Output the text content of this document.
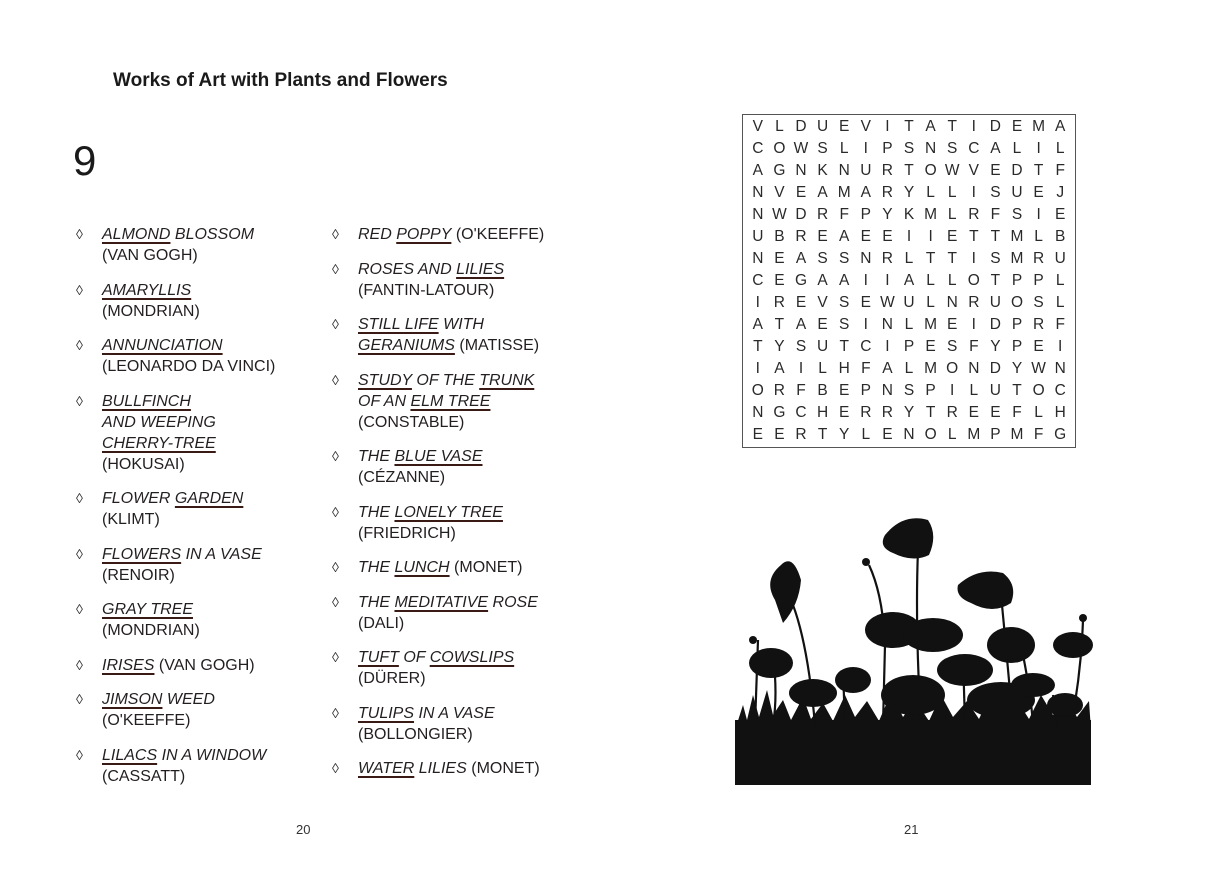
Works of Art with Plants and Flowers
9
◊ ALMOND BLOSSOM
(VAN GOGH)
◊ AMARYLLIS
(MONDRIAN)
◊ ANNUNCIATION
(LEONARDO DA VINCI)
◊ BULLFINCH
AND WEEPING
CHERRY-TREE
(HOKUSAI)
◊ FLOWER GARDEN
(KLIMT)
◊ FLOWERS IN A VASE
(RENOIR)
◊ GRAY TREE
(MONDRIAN)
◊ IRISES (VAN GOGH)
◊ JIMSON WEED
(O'KEEFFE)
◊ LILACS IN A WINDOW
(CASSATT)
◊ RED POPPY (O'KEEFFE)
◊ ROSES AND LILIES
(FANTIN-LATOUR)
◊ STILL LIFE WITH
GERANIUMS (MATISSE)
◊ STUDY OF THE TRUNK
OF AN ELM TREE
(CONSTABLE)
◊ THE BLUE VASE
(CÉZANNE)
◊ THE LONELY TREE
(FRIEDRICH)
◊ THE LUNCH (MONET)
◊ THE MEDITATIVE ROSE
(DALI)
◊ TUFT OF COWSLIPS
(DÜRER)
◊ TULIPS IN A VASE
(BOLLONGIER)
◊ WATER LILIES (MONET)
20	21
V L D U E V I T A T I D E M A
C O W S L I P S N S C A L I L
A G N K N U R T O W V E D T F
N V E A M A R Y L L I S U E J
N W D R F P Y K M L R F S I E
U B R E A E E I	I E T T M L B
N E A S S N R L T T I S M R U
C E G A A I	I A L L O T P P L
I R E V S E W U L N R U O S L
A T A E S I N L M E I D P R F
T Y S U T C I P E S F Y P E I
I A I L H F A L M O N D Y W N
O R F B E P N S P I L U T O C
N G C H E R R Y T R E E F L H
E E R T Y L E N O L M P M F G
